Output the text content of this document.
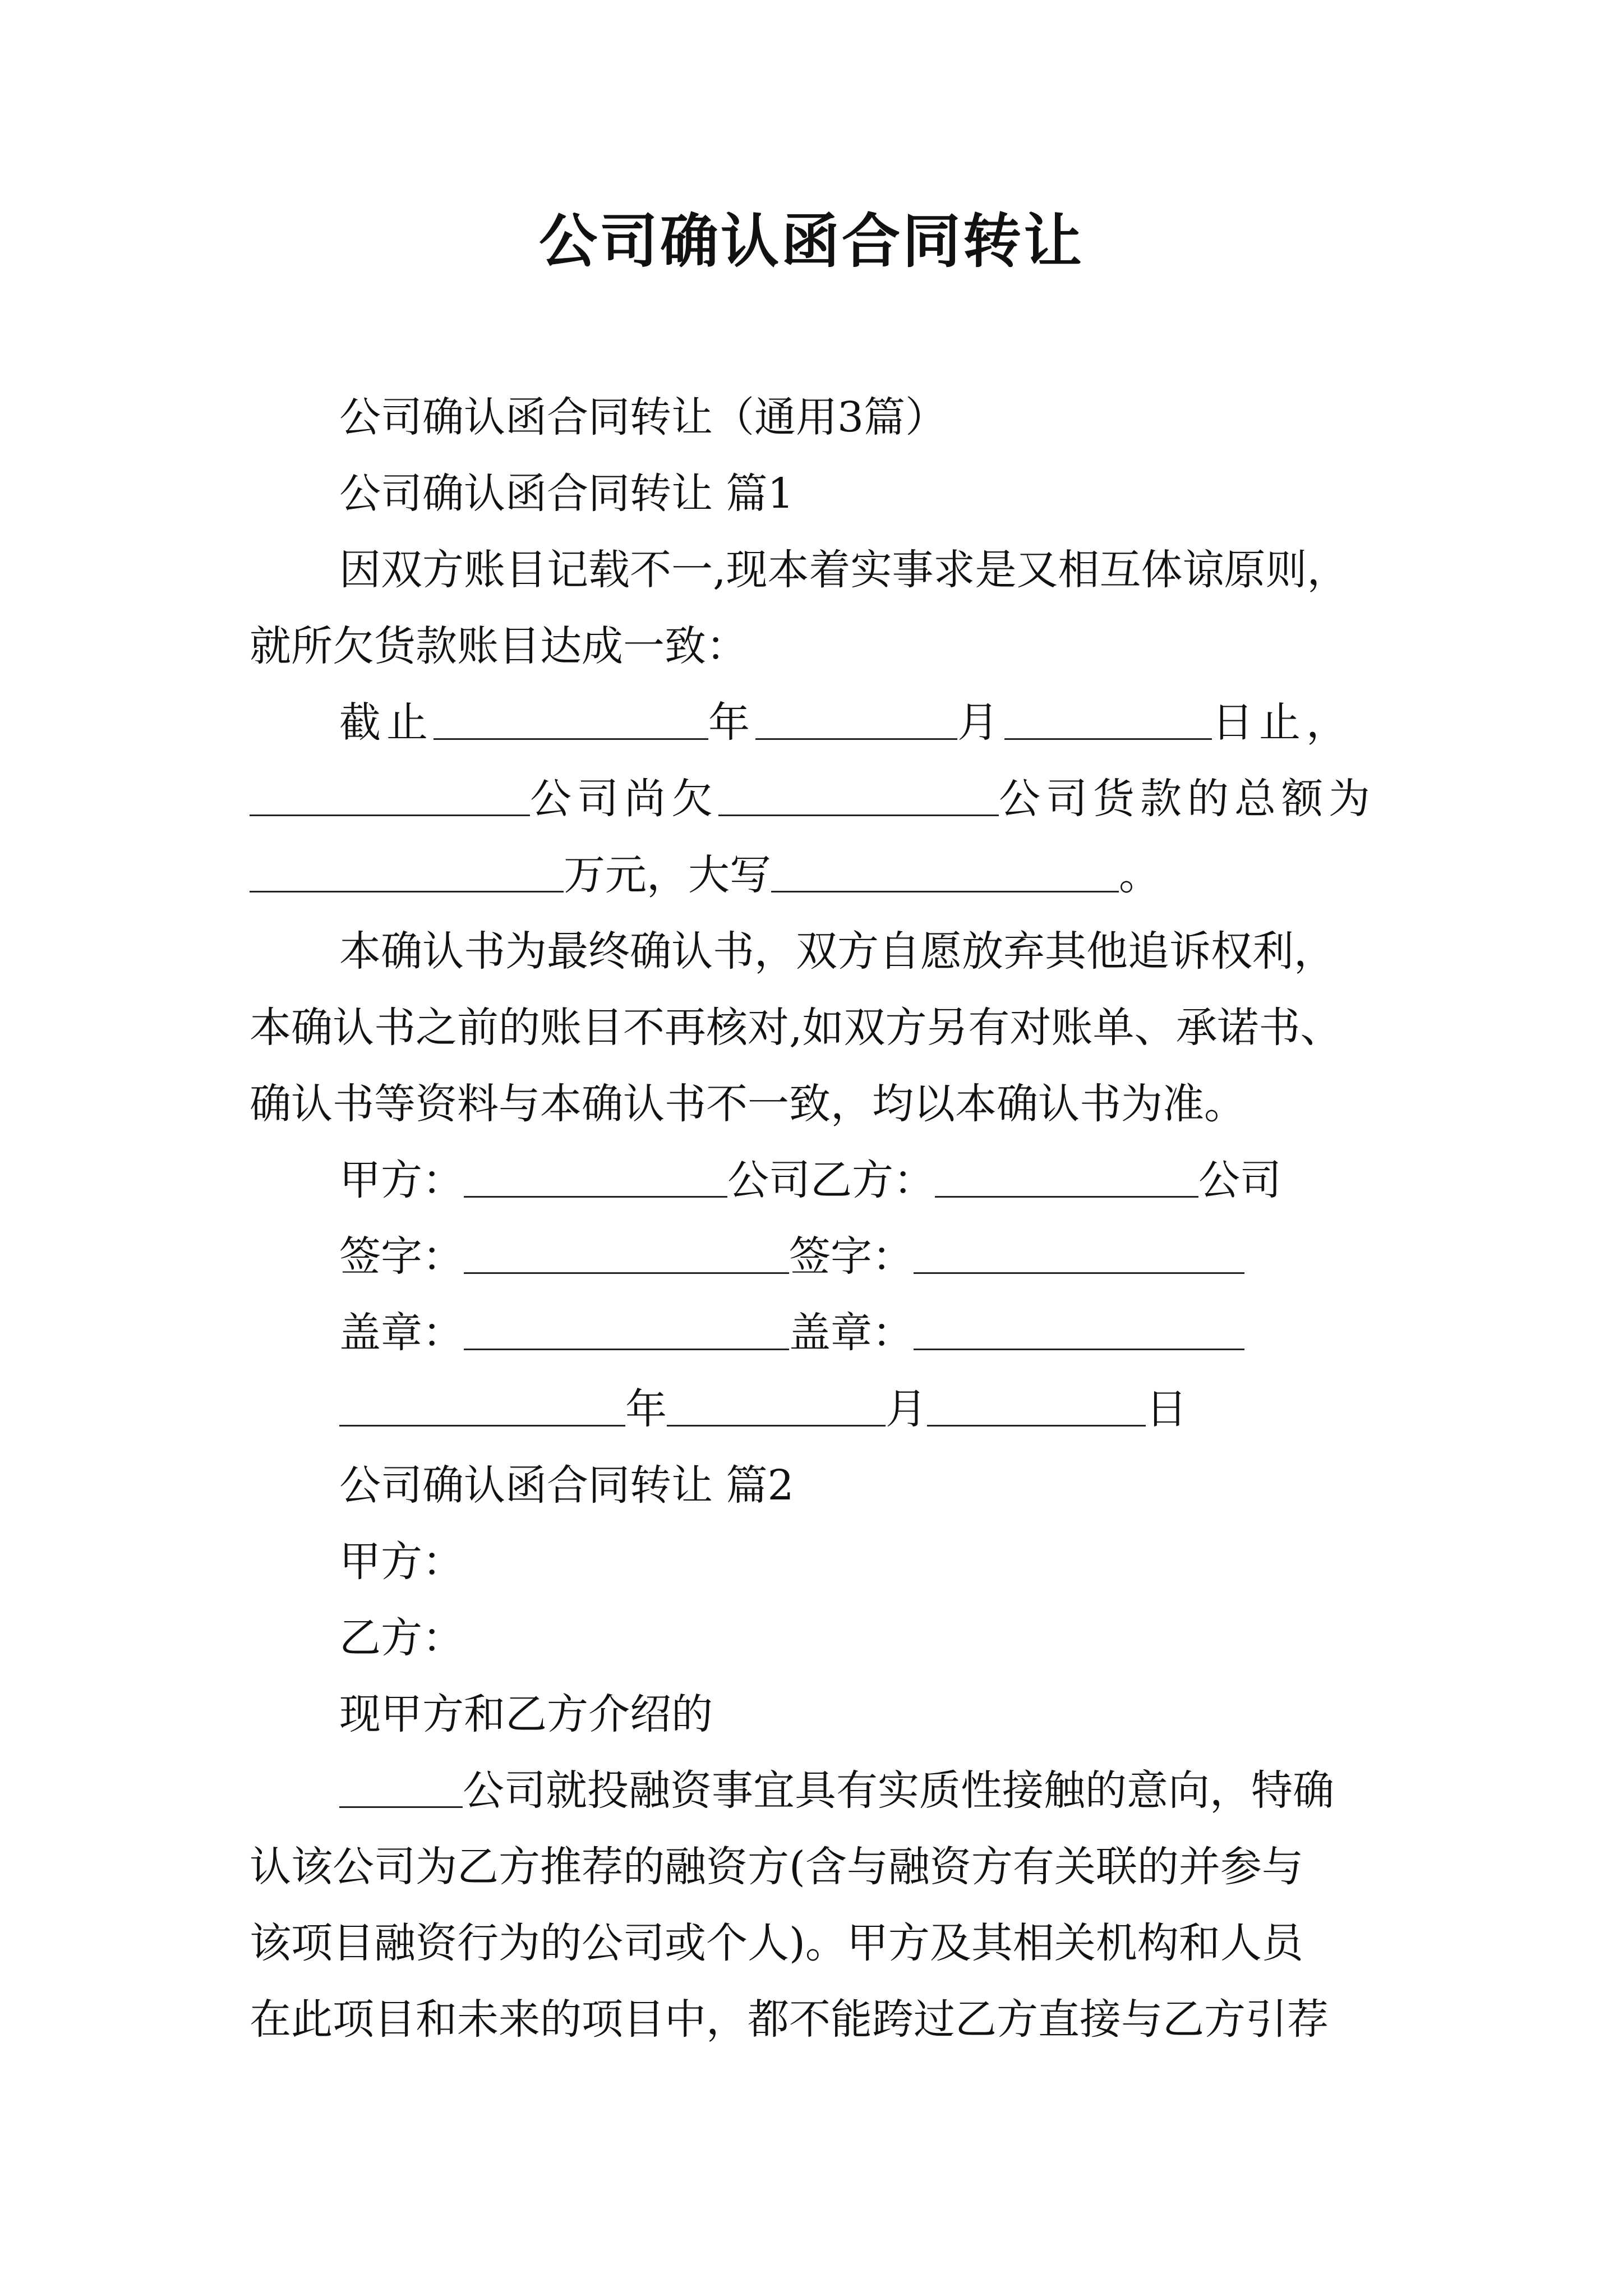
公司确认函合同转让
公司确认函合同转让（通用3篇）
公司确认函合同转让 篇1
因双方账目记载不一,现本着实事求是又相互体谅原则，
就所欠货款账目达成一致：
截止	年	月	日止，
公司尚欠	公司货款的总额为
万元，大写	。
本确认书为最终确认书，双方自愿放弃其他追诉权利，
本确认书之前的账目不再核对,如双方另有对账单、承诺书、
确认书等资料与本确认书不一致，均以本确认书为准。
甲方：	公司乙方：	公司
签字：	签字：
盖章：	盖章：
年	月	日
公司确认函合同转让 篇2
甲方：
乙方：
现甲方和乙方介绍的
公司就投融资事宜具有实质性接触的意向，特确
认该公司为乙方推荐的融资方(含与融资方有关联的并参与
该项目融资行为的公司或个人)。甲方及其相关机构和人员
在此项目和未来的项目中，都不能跨过乙方直接与乙方引荐
